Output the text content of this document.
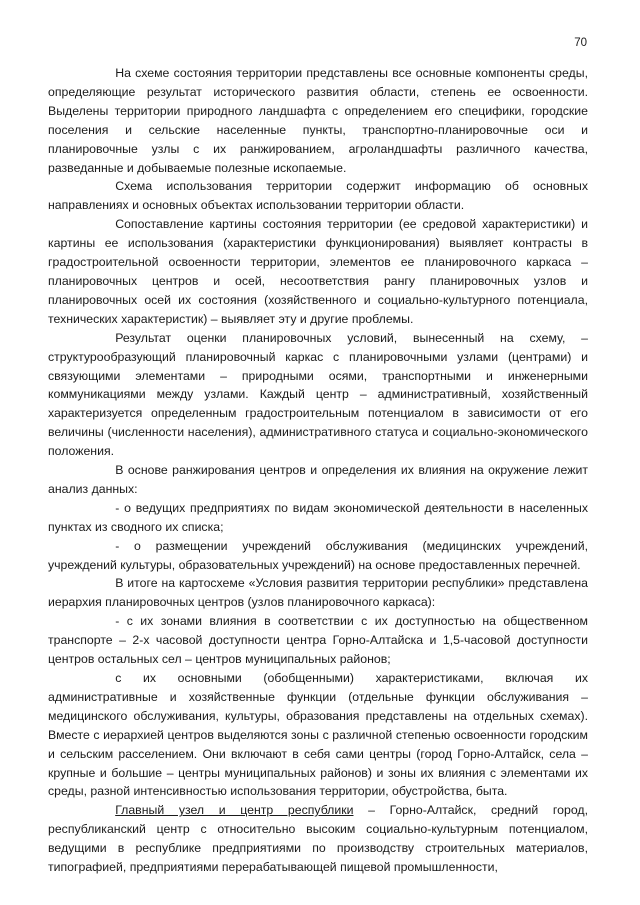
70

На схеме состояния территории представлены все основные компоненты среды, определяющие результат исторического развития области, степень ее освоенности. Выделены территории природного ландшафта с определением его специфики, городские поселения и сельские населенные пункты, транспортно-планировочные оси и планировочные узлы с их ранжированием, агроландшафты различного качества, разведанные и добываемые полезные ископаемые.

Схема использования территории содержит информацию об основных направлениях и основных объектах использовании территории области.

Сопоставление картины состояния территории (ее средовой характеристики) и картины ее использования (характеристики функционирования) выявляет контрасты в градостроительной освоенности территории, элементов ее планировочного каркаса – планировочных центров и осей, несоответствия рангу планировочных узлов и планировочных осей их состояния (хозяйственного и социально-культурного потенциала, технических характеристик) – выявляет эту и другие проблемы.

Результат оценки планировочных условий, вынесенный на схему, – структурообразующий планировочный каркас с планировочными узлами (центрами) и связующими элементами – природными осями, транспортными и инженерными коммуникациями между узлами. Каждый центр – административный, хозяйственный характеризуется определенным градостроительным потенциалом в зависимости от его величины (численности населения), административного статуса и социально-экономического положения.

В основе ранжирования центров и определения их влияния на окружение лежит анализ данных:

- о ведущих предприятиях по видам экономической деятельности в населенных пунктах из сводного их списка;

- о размещении учреждений обслуживания (медицинских учреждений, учреждений культуры, образовательных учреждений) на основе предоставленных перечней.

В итоге на картосхеме «Условия развития территории республики» представлена иерархия планировочных центров (узлов планировочного каркаса):

- с их зонами влияния в соответствии с их доступностью на общественном транспорте – 2-х часовой доступности центра Горно-Алтайска и 1,5-часовой доступности центров остальных сел – центров муниципальных районов;

с их основными (обобщенными) характеристиками, включая их административные и хозяйственные функции (отдельные функции обслуживания – медицинского обслуживания, культуры, образования представлены на отдельных схемах). Вместе с иерархией центров выделяются зоны с различной степенью освоенности городским и сельским расселением. Они включают в себя сами центры (город Горно-Алтайск, села – крупные и большие – центры муниципальных районов) и зоны их влияния с элементами их среды, разной интенсивностью использования территории, обустройства, быта.

Главный узел и центр республики – Горно-Алтайск, средний город, республиканский центр с относительно высоким социально-культурным потенциалом, ведущими в республике предприятиями по производству строительных материалов, типографией, предприятиями перерабатывающей пищевой промышленности,
